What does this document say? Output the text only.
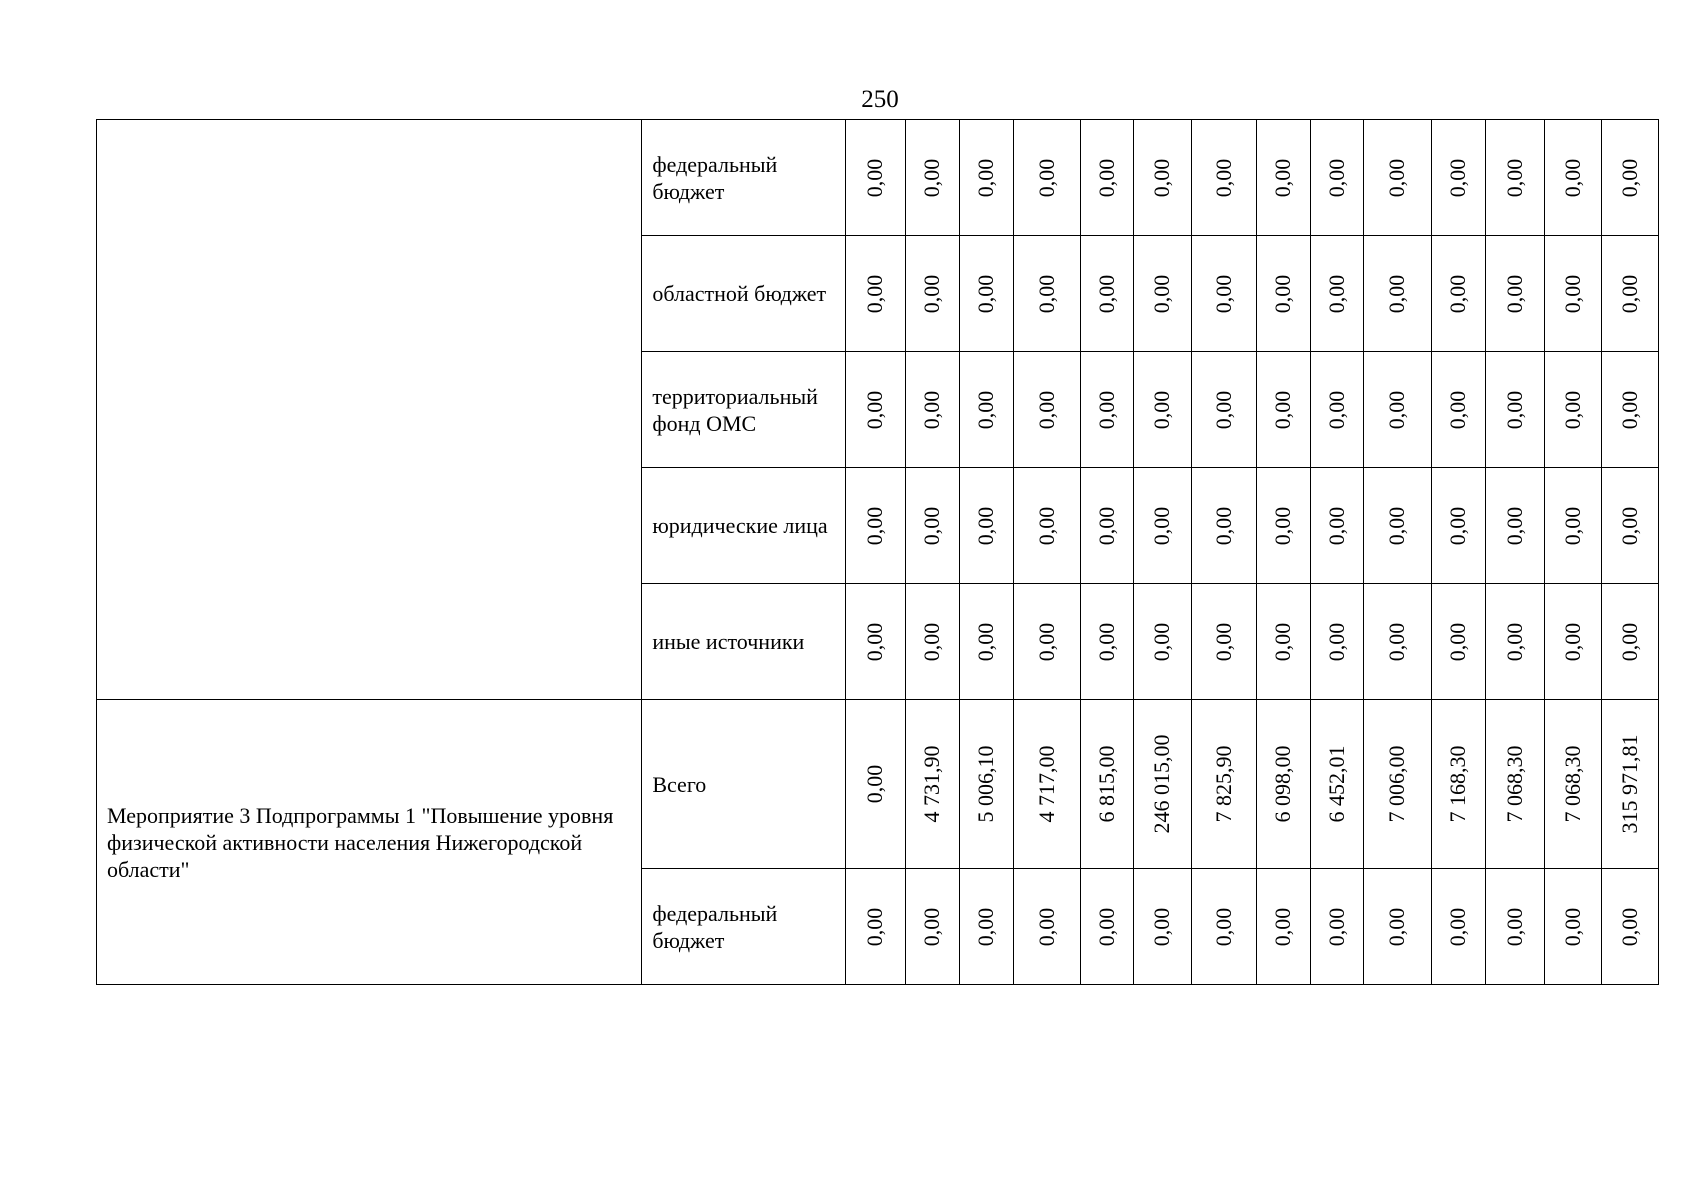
250
	федеральный бюджет	0,00	0,00	0,00	0,00	0,00	0,00	0,00	0,00	0,00	0,00	0,00	0,00	0,00	0,00

	областной бюджет	0,00	0,00	0,00	0,00	0,00	0,00	0,00	0,00	0,00	0,00	0,00	0,00	0,00	0,00

	территориальный фонд ОМС	0,00	0,00	0,00	0,00	0,00	0,00	0,00	0,00	0,00	0,00	0,00	0,00	0,00	0,00

	юридические лица	0,00	0,00	0,00	0,00	0,00	0,00	0,00	0,00	0,00	0,00	0,00	0,00	0,00	0,00

	иные источники	0,00	0,00	0,00	0,00	0,00	0,00	0,00	0,00	0,00	0,00	0,00	0,00	0,00	0,00

Мероприятие 3 Подпрограммы 1 "Повышение уровня физической активности населения Нижегородской области"	Всего	0,00	4 731,90	5 006,10	4 717,00	6 815,00	246 015,00	7 825,90	6 098,00	6 452,01	7 006,00	7 168,30	7 068,30	7 068,30	315 971,81

	федеральный бюджет	0,00	0,00	0,00	0,00	0,00	0,00	0,00	0,00	0,00	0,00	0,00	0,00	0,00	0,00
